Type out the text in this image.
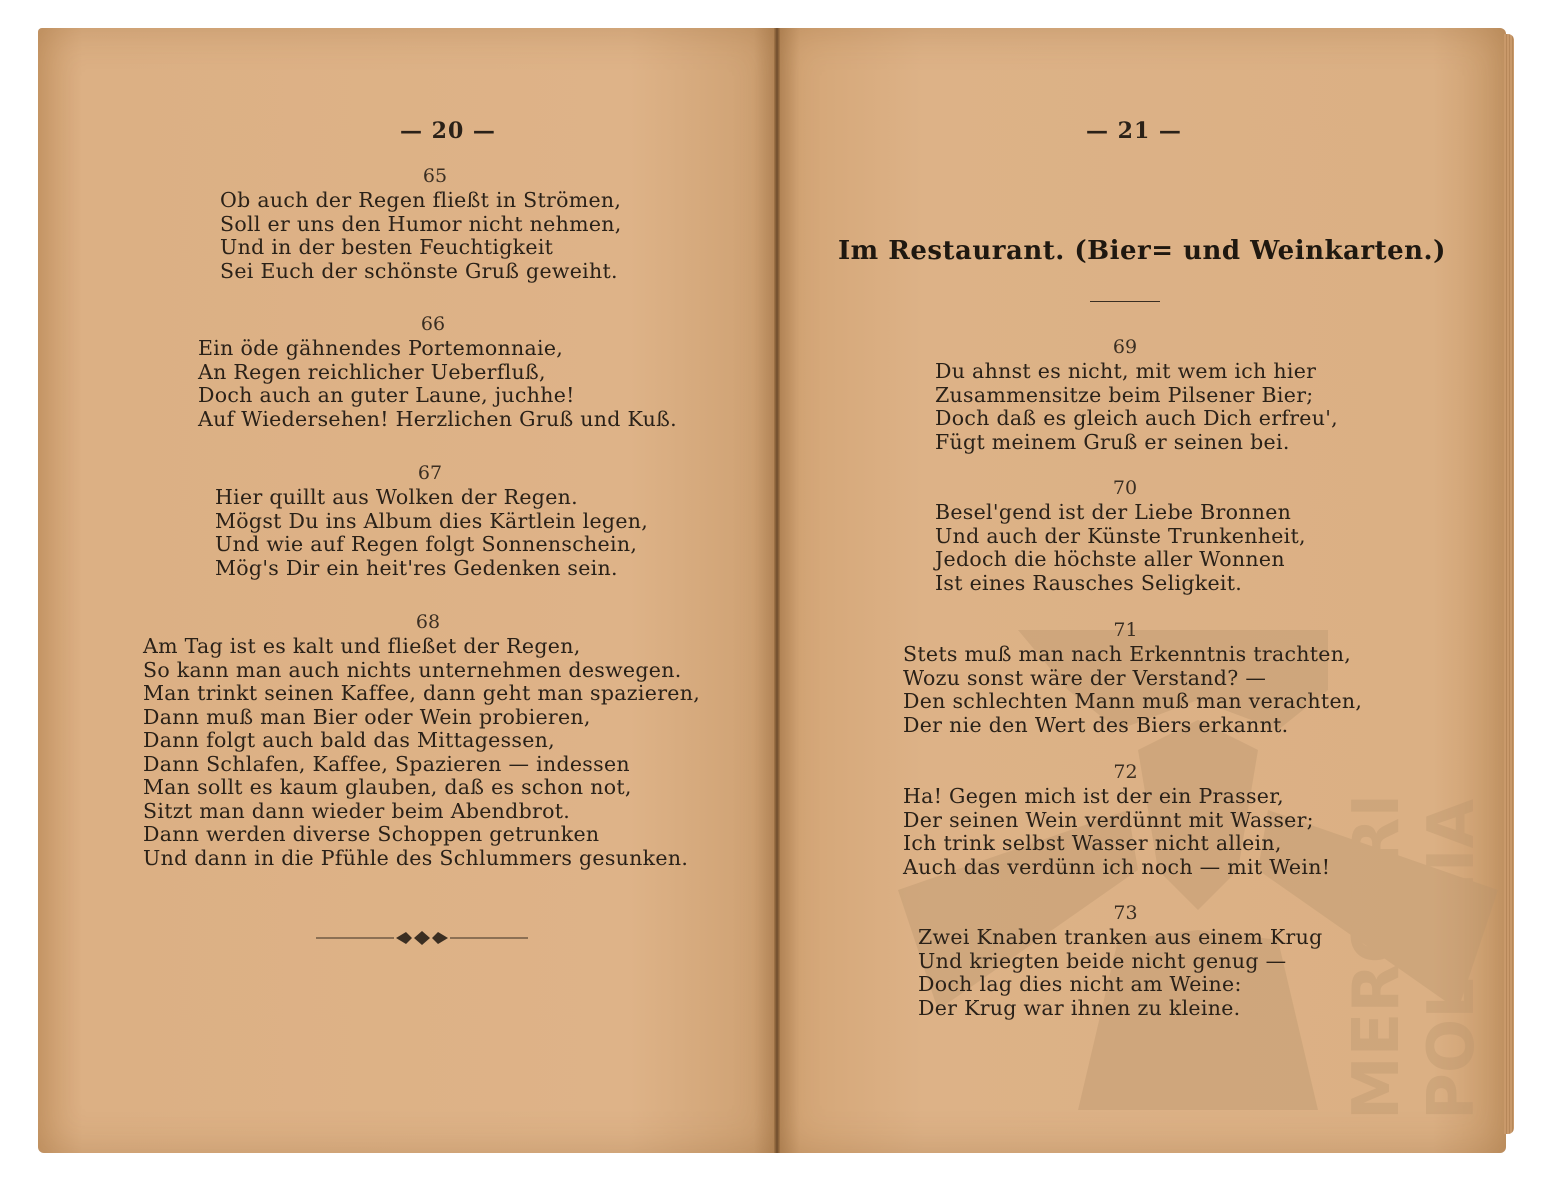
— 20 —
65
Ob auch der Regen fließt in Strömen,
Soll er uns den Humor nicht nehmen,
Und in der besten Feuchtigkeit
Sei Euch der schönste Gruß geweiht.
66
Ein öde gähnendes Portemonnaie,
An Regen reichlicher Ueberfluß,
Doch auch an guter Laune, juchhe!
Auf Wiedersehen! Herzlichen Gruß und Kuß.
67
Hier quillt aus Wolken der Regen.
Mögst Du ins Album dies Kärtlein legen,
Und wie auf Regen folgt Sonnenschein,
Mög's Dir ein heit'res Gedenken sein.
68
Am Tag ist es kalt und fließet der Regen,
So kann man auch nichts unternehmen deswegen.
Man trinkt seinen Kaffee, dann geht man spazieren,
Dann muß man Bier oder Wein probieren,
Dann folgt auch bald das Mittagessen,
Dann Schlafen, Kaffee, Spazieren — indessen
Man sollt es kaum glauben, daß es schon not,
Sitzt man dann wieder beim Abendbrot.
Dann werden diverse Schoppen getrunken
Und dann in die Pfühle des Schlummers gesunken.
— 21 —
Im Restaurant. (Bier= und Weinkarten.)
MERCARI POLONIA
69
Du ahnst es nicht, mit wem ich hier
Zusammensitze beim Pilsener Bier;
Doch daß es gleich auch Dich erfreu',
Fügt meinem Gruß er seinen bei.
70
Besel'gend ist der Liebe Bronnen
Und auch der Künste Trunkenheit,
Jedoch die höchste aller Wonnen
Ist eines Rausches Seligkeit.
71
Stets muß man nach Erkenntnis trachten,
Wozu sonst wäre der Verstand? —
Den schlechten Mann muß man verachten,
Der nie den Wert des Biers erkannt.
72
Ha! Gegen mich ist der ein Prasser,
Der seinen Wein verdünnt mit Wasser;
Ich trink selbst Wasser nicht allein,
Auch das verdünn ich noch — mit Wein!
73
Zwei Knaben tranken aus einem Krug
Und kriegten beide nicht genug —
Doch lag dies nicht am Weine:
Der Krug war ihnen zu kleine.
